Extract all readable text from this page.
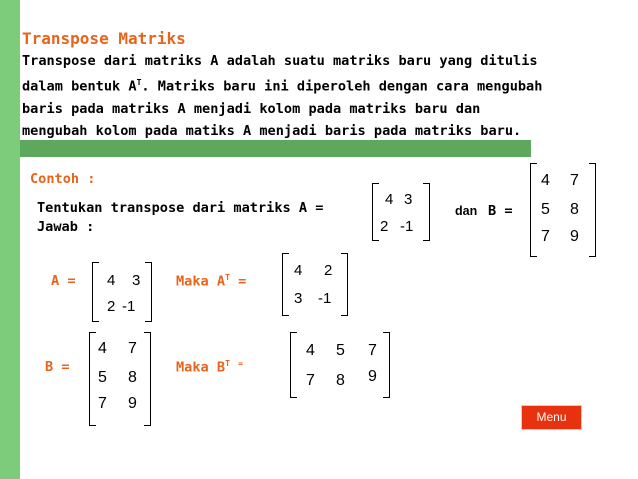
Transpose Matriks

Transpose dari matriks A adalah suatu matriks baru yang ditulis

dalam bentuk $A^T$. Matriks baru ini diperoleh dengan cara mengubah

baris pada matriks A menjadi kolom pada matriks baru dan

mengubah kolom pada matiks A menjadi baris pada matriks baru.

Contoh :
Tentukan transpose dari matriks A =
Jawab :
4 3
2 -1
dan B =
4 7
5 8
7 9
A = 4 3
2 -1
Maka $A^T$ =
4 2
3 -1
B =
4 7
5 8
7 9
Maka $B^T$ =
4 5 7
7 8 9
Menu
